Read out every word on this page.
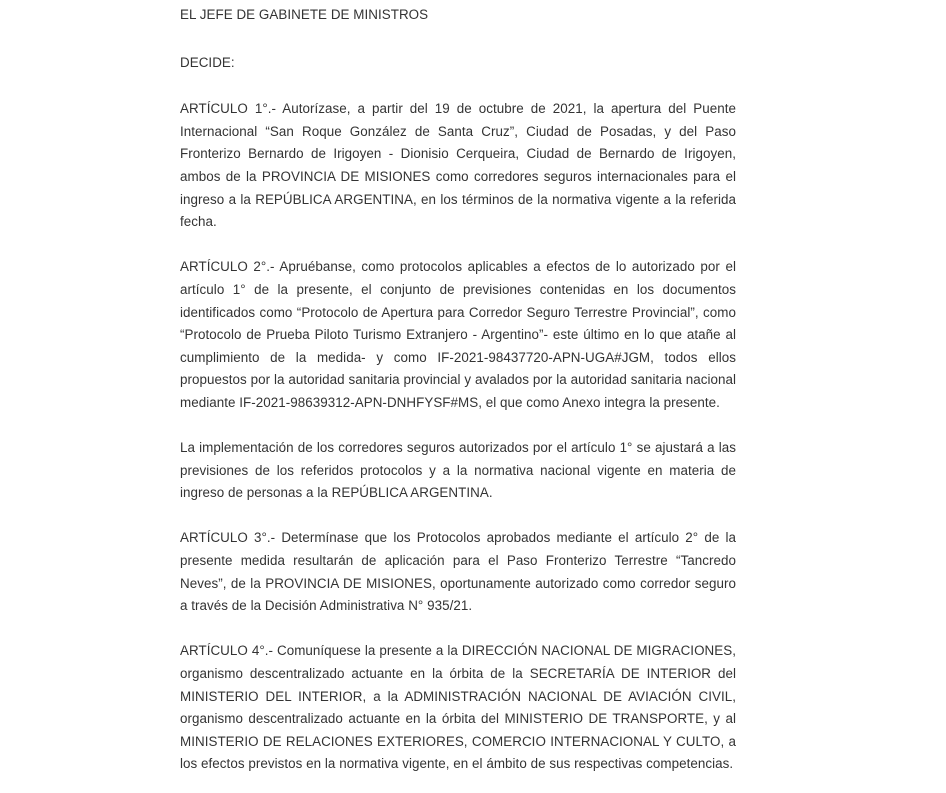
EL JEFE DE GABINETE DE MINISTROS

DECIDE:

ARTÍCULO 1°.- Autorízase, a partir del 19 de octubre de 2021, la apertura del Puente Internacional “San Roque González de Santa Cruz”, Ciudad de Posadas, y del Paso Fronterizo Bernardo de Irigoyen - Dionisio Cerqueira, Ciudad de Bernardo de Irigoyen, ambos de la PROVINCIA DE MISIONES como corredores seguros internacionales para el ingreso a la REPÚBLICA ARGENTINA, en los términos de la normativa vigente a la referida fecha.

ARTÍCULO 2°.- Apruébanse, como protocolos aplicables a efectos de lo autorizado por el artículo 1° de la presente, el conjunto de previsiones contenidas en los documentos identificados como “Protocolo de Apertura para Corredor Seguro Terrestre Provincial”, como “Protocolo de Prueba Piloto Turismo Extranjero - Argentino”- este último en lo que atañe al cumplimiento de la medida- y como IF-2021-98437720-APN-UGA#JGM, todos ellos propuestos por la autoridad sanitaria provincial y avalados por la autoridad sanitaria nacional mediante IF-2021-98639312-APN-DNHFYSF#MS, el que como Anexo integra la presente.

La implementación de los corredores seguros autorizados por el artículo 1° se ajustará a las previsiones de los referidos protocolos y a la normativa nacional vigente en materia de ingreso de personas a la REPÚBLICA ARGENTINA.

ARTÍCULO 3°.- Determínase que los Protocolos aprobados mediante el artículo 2° de la presente medida resultarán de aplicación para el Paso Fronterizo Terrestre “Tancredo Neves”, de la PROVINCIA DE MISIONES, oportunamente autorizado como corredor seguro a través de la Decisión Administrativa N° 935/21.

ARTÍCULO 4°.- Comuníquese la presente a la DIRECCIÓN NACIONAL DE MIGRACIONES, organismo descentralizado actuante en la órbita de la SECRETARÍA DE INTERIOR del MINISTERIO DEL INTERIOR, a la ADMINISTRACIÓN NACIONAL DE AVIACIÓN CIVIL, organismo descentralizado actuante en la órbita del MINISTERIO DE TRANSPORTE, y al MINISTERIO DE RELACIONES EXTERIORES, COMERCIO INTERNACIONAL Y CULTO, a los efectos previstos en la normativa vigente, en el ámbito de sus respectivas competencias.
